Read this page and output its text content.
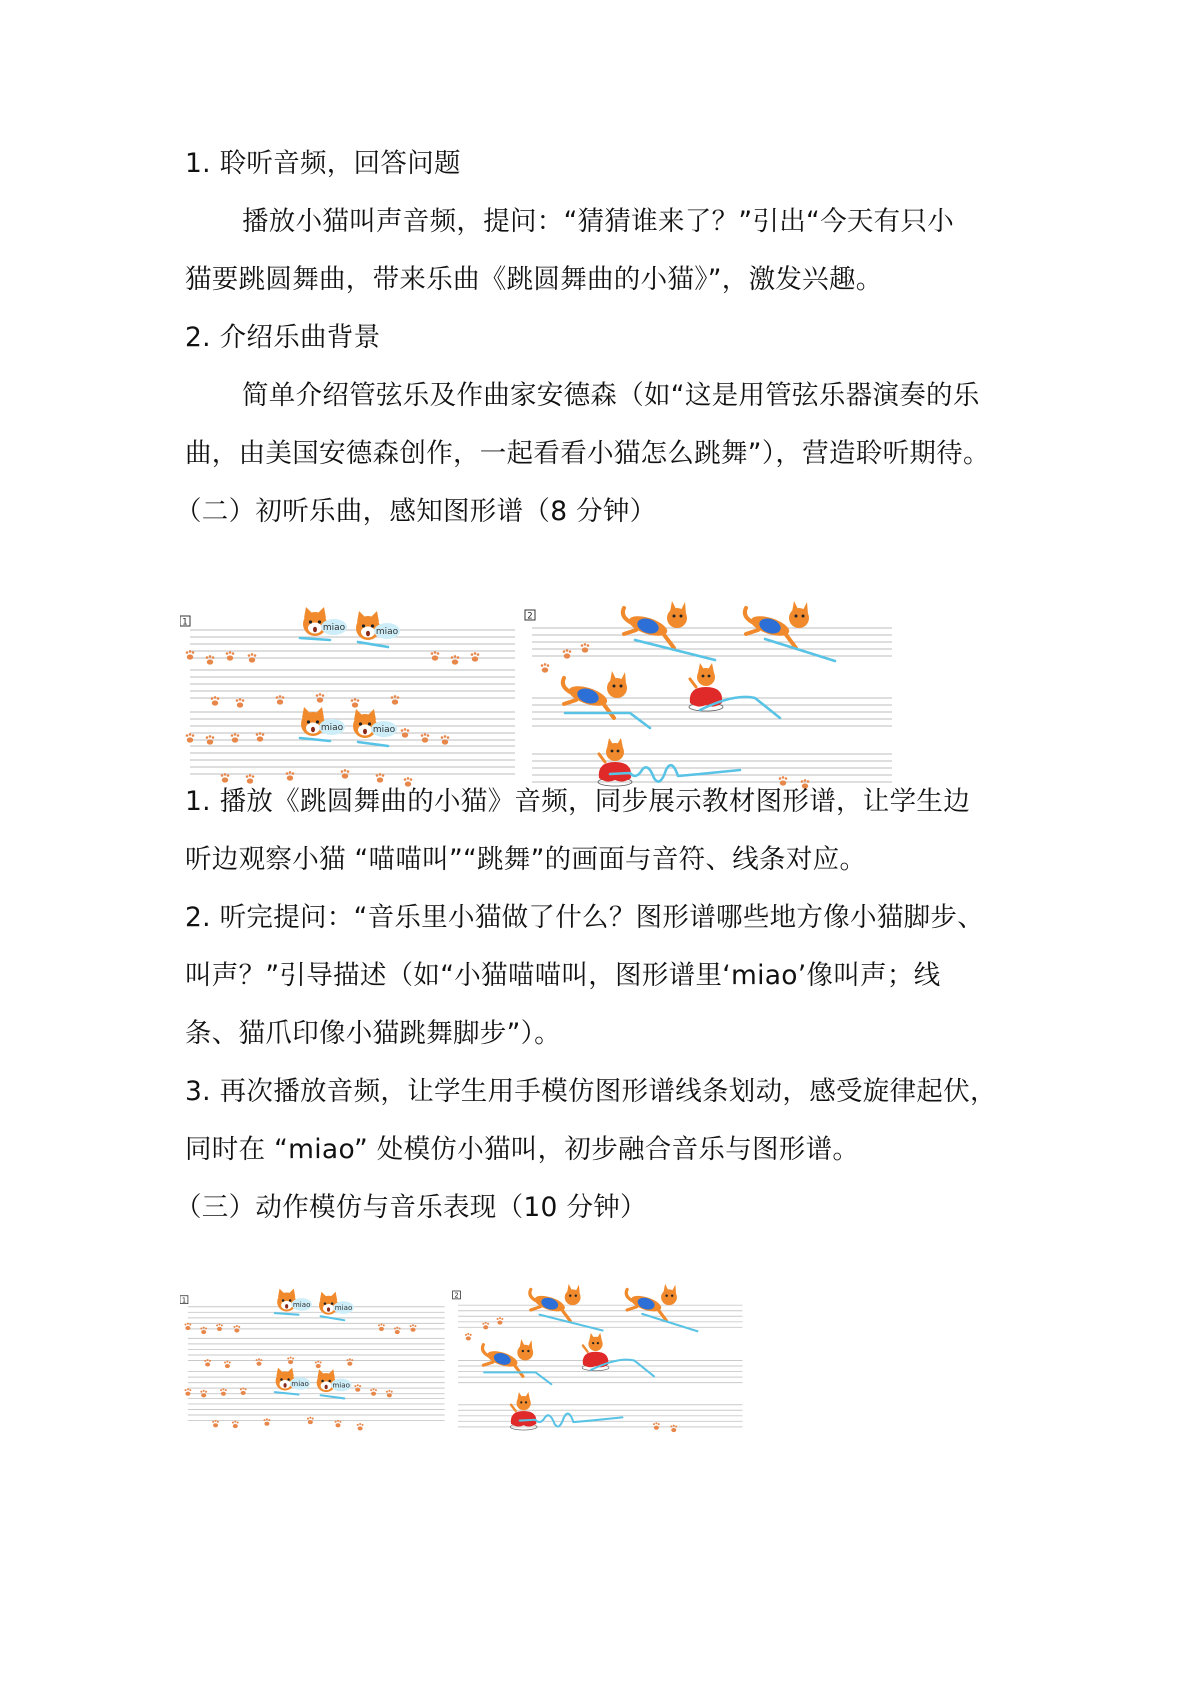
1. 聆听音频，回答问题
播放小猫叫声音频，提问：“猜猜谁来了？”引出“今天有只小
猫要跳圆舞曲，带来乐曲《跳圆舞曲的小猫》”，激发兴趣。
2. 介绍乐曲背景
简单介绍管弦乐及作曲家安德森（如“这是用管弦乐器演奏的乐
曲，由美国安德森创作，一起看看小猫怎么跳舞”），营造聆听期待。
（二）初听乐曲，感知图形谱（8 分钟）
1
miao	miao
miao	miao
2
1. 播放《跳圆舞曲的小猫》音频，同步展示教材图形谱，让学生边
听边观察小猫 “喵喵叫”“跳舞”的画面与音符、线条对应。
2. 听完提问：“音乐里小猫做了什么？图形谱哪些地方像小猫脚步、
叫声？”引导描述（如“小猫喵喵叫，图形谱里‘miao’像叫声；线
条、猫爪印像小猫跳舞脚步”）。
3. 再次播放音频，让学生用手模仿图形谱线条划动，感受旋律起伏，
同时在 “miao” 处模仿小猫叫，初步融合音乐与图形谱。
（三）动作模仿与音乐表现（10 分钟）
1	miao	miao
miao	miao
2
